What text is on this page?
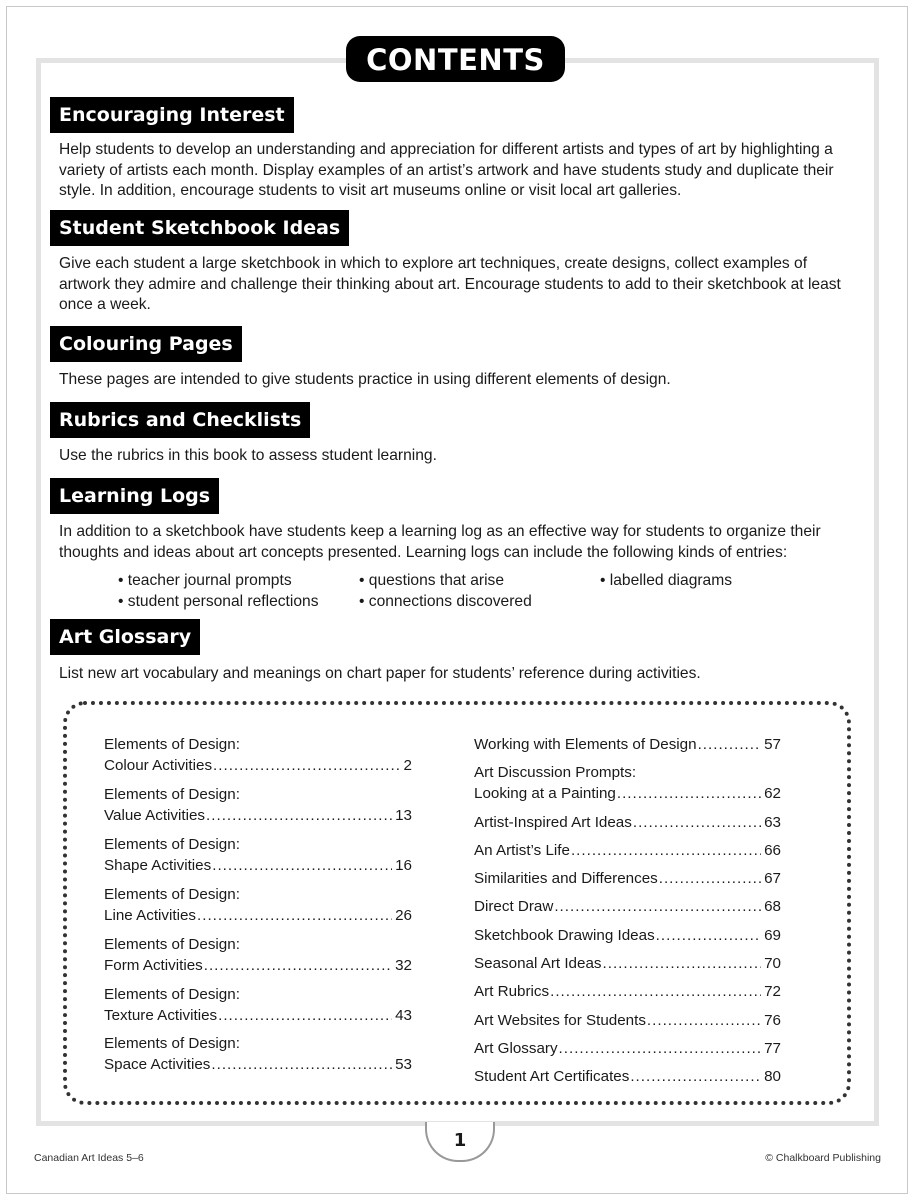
CONTENTS
Encouraging Interest

Help students to develop an understanding and appreciation for different artists and types of art by highlighting a variety of artists each month. Display examples of an artist’s artwork and have students study and duplicate their style. In addition, encourage students to visit art museums online or visit local art galleries.

Student Sketchbook Ideas

Give each student a large sketchbook in which to explore art techniques, create designs, collect examples of artwork they admire and challenge their thinking about art. Encourage students to add to their sketchbook at least once a week.

Colouring Pages

These pages are intended to give students practice in using different elements of design.

Rubrics and Checklists

Use the rubrics in this book to assess student learning.

Learning Logs

In addition to a sketchbook have students keep a learning log as an effective way for students to organize their thoughts and ideas about art concepts presented. Learning logs can include the following kinds of entries:

• teacher journal prompts
• student personal reflections
• questions that arise
• connections discovered
• labelled diagrams
Art Glossary

List new art vocabulary and meanings on chart paper for students’ reference during activities.

Elements of Design:
Colour Activities .....	2
Elements of Design:
Value Activities .....	13
Elements of Design:
Shape Activities .....	16
Elements of Design:
Line Activities .....	26
Elements of Design:
Form Activities .....	32
Elements of Design:
Texture Activities .....	43
Elements of Design:
Space Activities .....	53
Working with Elements of Design .....	57
Art Discussion Prompts:
Looking at a Painting .....	62
Artist-Inspired Art Ideas .....	63
An Artist’s Life .....	66
Similarities and Differences .....	67
Direct Draw .....	68
Sketchbook Drawing Ideas .....	69
Seasonal Art Ideas .....	70
Art Rubrics .....	72
Art Websites for Students .....	76
Art Glossary .....	77
Student Art Certificates .....	80
1
Canadian Art Ideas 5–6	© Chalkboard Publishing
